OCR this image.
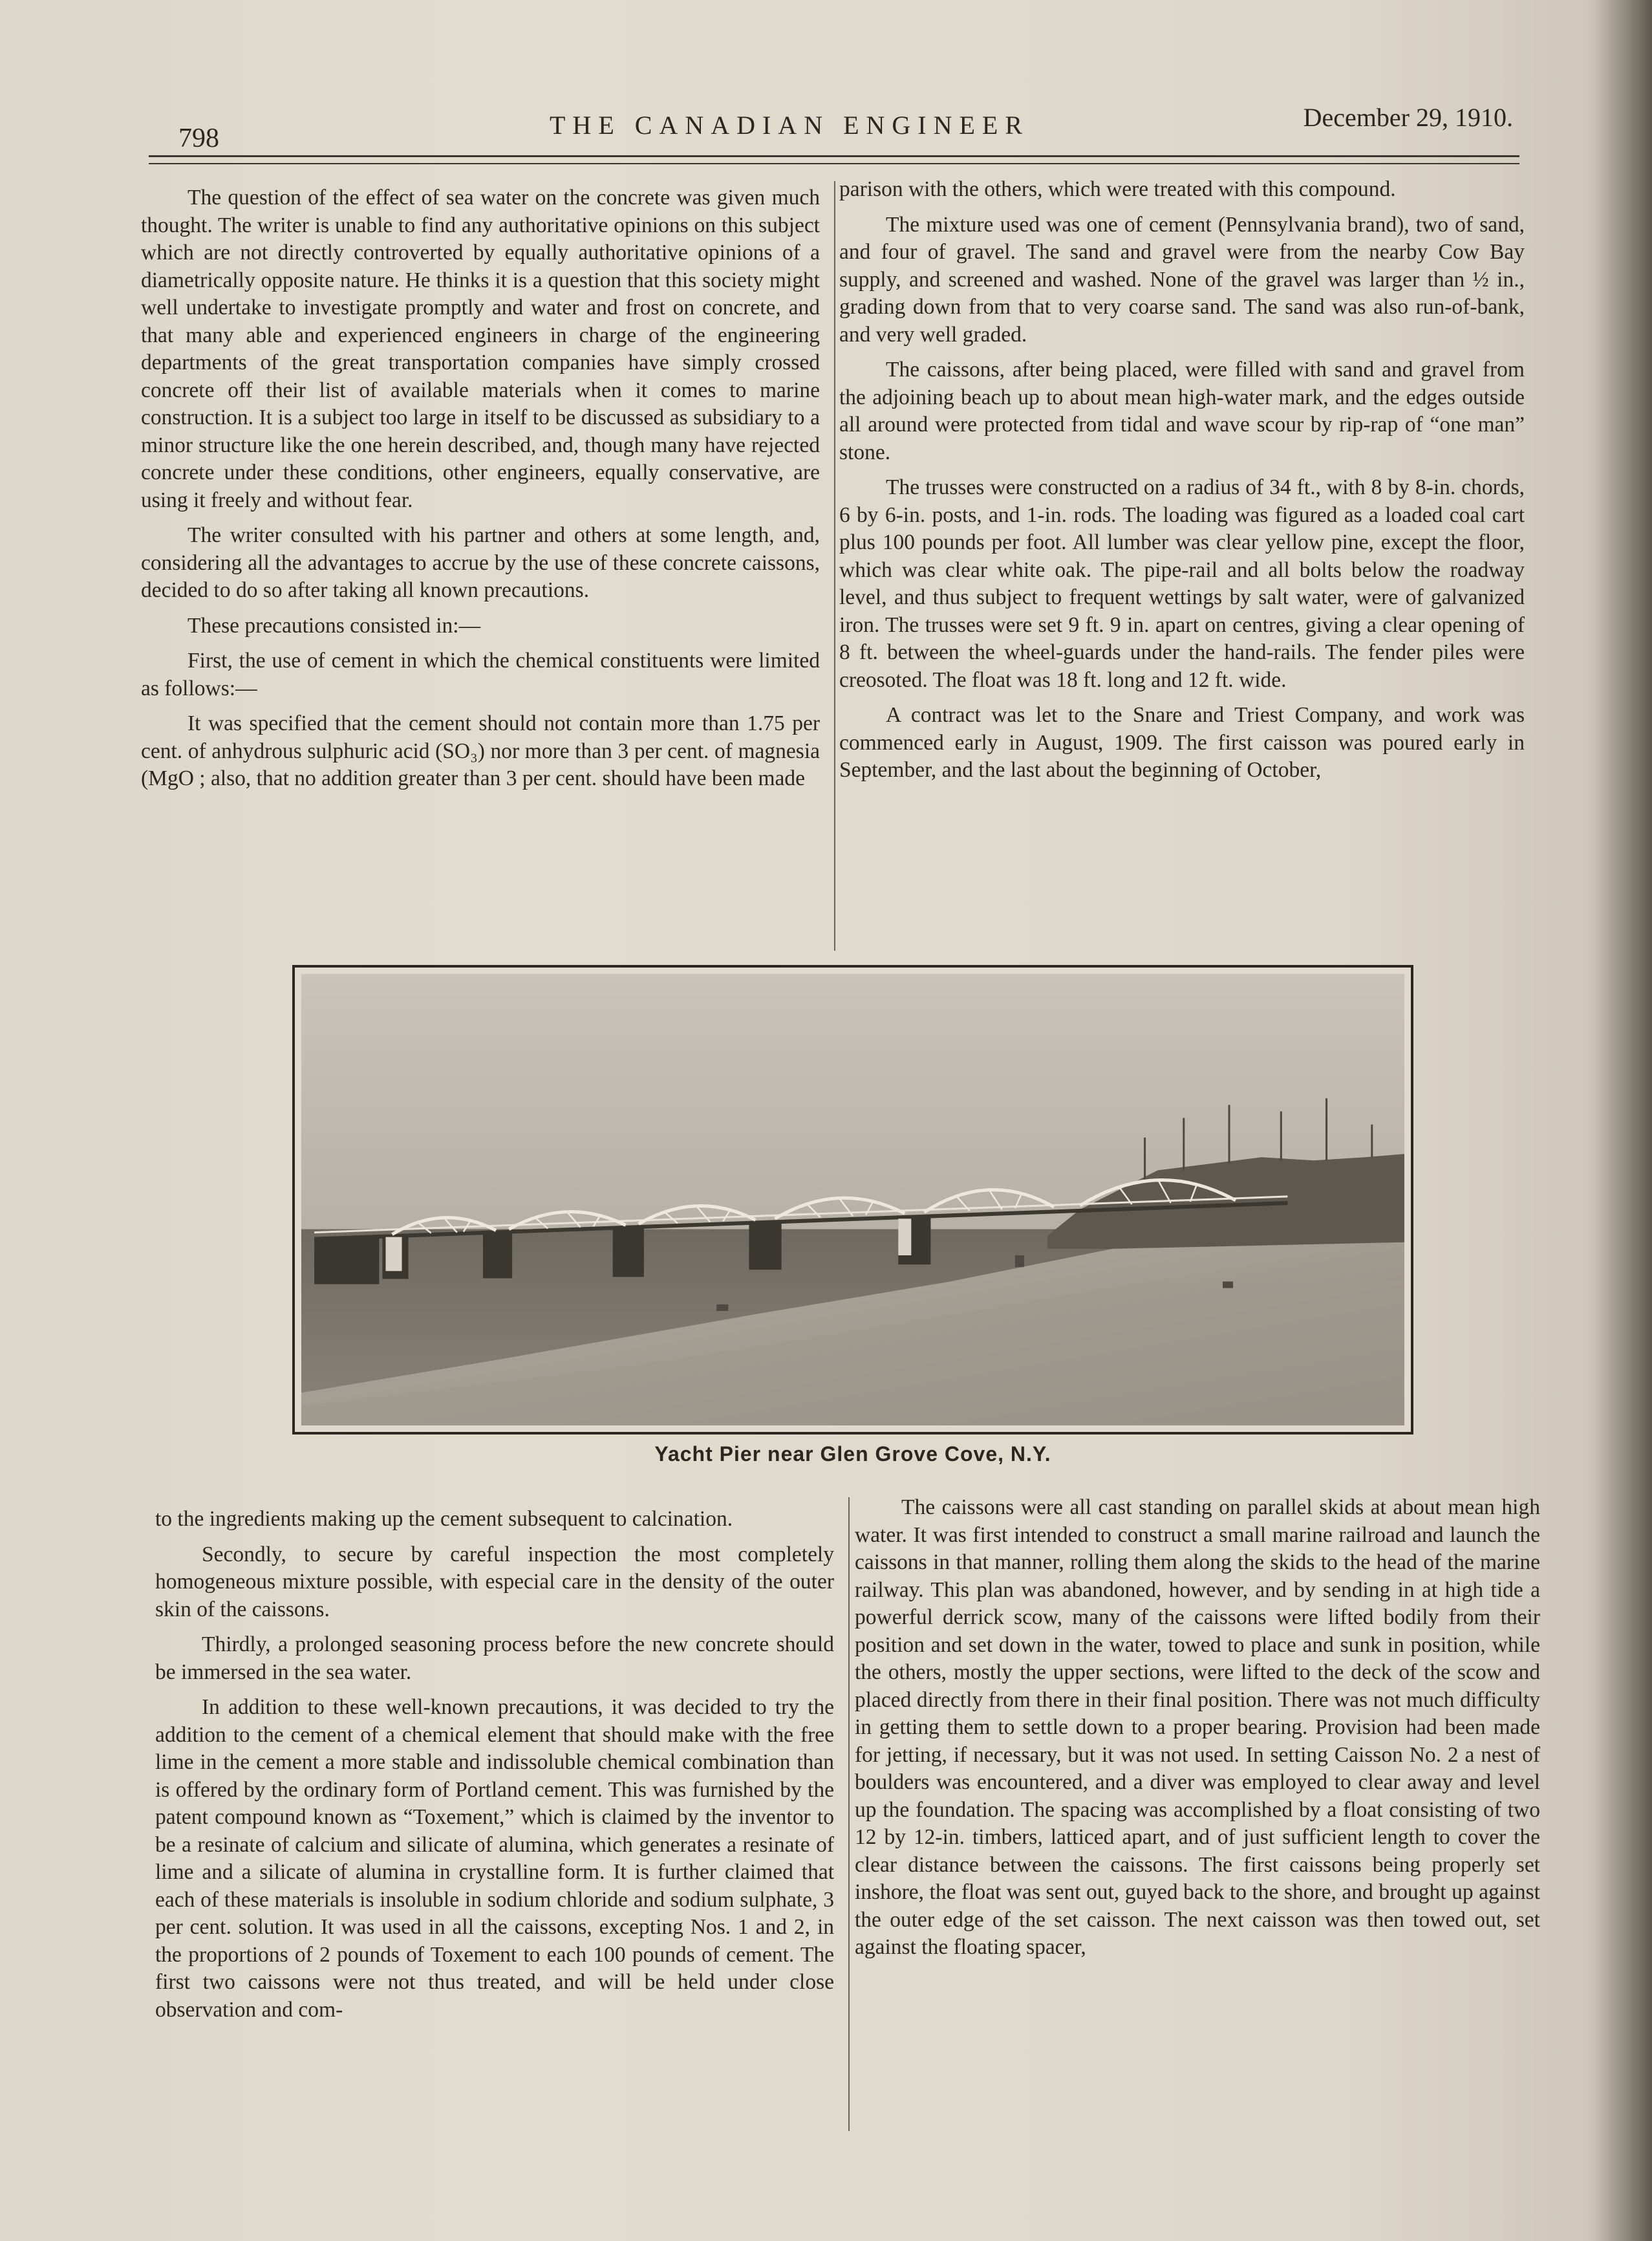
798	THE CANADIAN ENGINEER	December 29, 1910.

The question of the effect of sea water on the concrete was given much thought. The writer is unable to find any authoritative opinions on this subject which are not directly controverted by equally authoritative opinions of a diametrically opposite nature. He thinks it is a question that this society might well undertake to investigate promptly and water and frost on concrete, and that many able and experienced engineers in charge of the engineering departments of the great transportation companies have simply crossed concrete off their list of available materials when it comes to marine construction. It is a subject too large in itself to be discussed as subsidiary to a minor structure like the one herein described, and, though many have rejected concrete under these conditions, other engineers, equally conservative, are using it freely and without fear.

The writer consulted with his partner and others at some length, and, considering all the advantages to accrue by the use of these concrete caissons, decided to do so after taking all known precautions.

These precautions consisted in:—

First, the use of cement in which the chemical constituents were limited as follows:—

It was specified that the cement should not contain more than 1.75 per cent. of anhydrous sulphuric acid (SO₃) nor more than 3 per cent. of magnesia (MgO ; also, that no addition greater than 3 per cent. should have been made

parison with the others, which were treated with this compound.

The mixture used was one of cement (Pennsylvania brand), two of sand, and four of gravel. The sand and gravel were from the nearby Cow Bay supply, and screened and washed. None of the gravel was larger than ½ in., grading down from that to very coarse sand. The sand was also run-of-bank, and very well graded.

The caissons, after being placed, were filled with sand and gravel from the adjoining beach up to about mean high-water mark, and the edges outside all around were protected from tidal and wave scour by rip-rap of “one man” stone.

The trusses were constructed on a radius of 34 ft., with 8 by 8-in. chords, 6 by 6-in. posts, and 1-in. rods. The loading was figured as a loaded coal cart plus 100 pounds per foot. All lumber was clear yellow pine, except the floor, which was clear white oak. The pipe-rail and all bolts below the roadway level, and thus subject to frequent wettings by salt water, were of galvanized iron. The trusses were set 9 ft. 9 in. apart on centres, giving a clear opening of 8 ft. between the wheel-guards under the hand-rails. The fender piles were creosoted. The float was 18 ft. long and 12 ft. wide.

A contract was let to the Snare and Triest Company, and work was commenced early in August, 1909. The first caisson was poured early in September, and the last about the beginning of October,

Yacht Pier near Glen Grove Cove, N.Y.

to the ingredients making up the cement subsequent to calcination.

Secondly, to secure by careful inspection the most completely homogeneous mixture possible, with especial care in the density of the outer skin of the caissons.

Thirdly, a prolonged seasoning process before the new concrete should be immersed in the sea water.

In addition to these well-known precautions, it was decided to try the addition to the cement of a chemical element that should make with the free lime in the cement a more stable and indissoluble chemical combination than is offered by the ordinary form of Portland cement. This was furnished by the patent compound known as “Toxement,” which is claimed by the inventor to be a resinate of calcium and silicate of alumina, which generates a resinate of lime and a silicate of alumina in crystalline form. It is further claimed that each of these materials is insoluble in sodium chloride and sodium sulphate, 3 per cent. solution. It was used in all the caissons, excepting Nos. 1 and 2, in the proportions of 2 pounds of Toxement to each 100 pounds of cement. The first two caissons were not thus treated, and will be held under close observation and com-

The caissons were all cast standing on parallel skids at about mean high water. It was first intended to construct a small marine railroad and launch the caissons in that manner, rolling them along the skids to the head of the marine railway. This plan was abandoned, however, and by sending in at high tide a powerful derrick scow, many of the caissons were lifted bodily from their position and set down in the water, towed to place and sunk in position, while the others, mostly the upper sections, were lifted to the deck of the scow and placed directly from there in their final position. There was not much difficulty in getting them to settle down to a proper bearing. Provision had been made for jetting, if necessary, but it was not used. In setting Caisson No. 2 a nest of boulders was encountered, and a diver was employed to clear away and level up the foundation. The spacing was accomplished by a float consisting of two 12 by 12-in. timbers, latticed apart, and of just sufficient length to cover the clear distance between the caissons. The first caissons being properly set inshore, the float was sent out, guyed back to the shore, and brought up against the outer edge of the set caisson. The next caisson was then towed out, set against the floating spacer,
